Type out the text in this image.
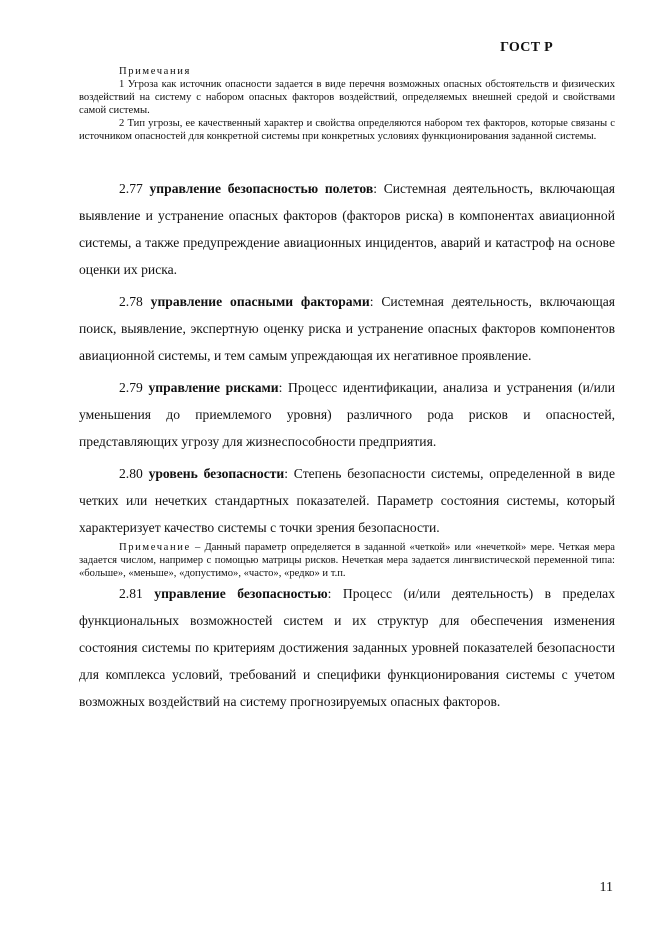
ГОСТ Р
Примечания

1 Угроза как источник опасности задается в виде перечня возможных опасных обстоятельств и физических воздействий на систему с набором опасных факторов воздействий, определяемых внешней средой и свойствами самой системы.

2 Тип угрозы, ее качественный характер и свойства определяются набором тех факторов, которые связаны с источником опасностей для конкретной системы при конкретных условиях функционирования заданной системы.

2.77 управление безопасностью полетов: Системная деятельность, включающая выявление и устранение опасных факторов (факторов риска) в компонентах авиационной системы, а также предупреждение авиационных инцидентов, аварий и катастроф на основе оценки их риска.

2.78 управление опасными факторами: Системная деятельность, включающая поиск, выявление, экспертную оценку риска и устранение опасных факторов компонентов авиационной системы, и тем самым упреждающая их негативное проявление.

2.79 управление рисками: Процесс идентификации, анализа и устранения (и/или уменьшения до приемлемого уровня) различного рода рисков и опасностей, представляющих угрозу для жизнеспособности предприятия.

2.80 уровень безопасности: Степень безопасности системы, определенной в виде четких или нечетких стандартных показателей. Параметр состояния системы, который характеризует качество системы с точки зрения безопасности.

Примечание – Данный параметр определяется в заданной «четкой» или «нечеткой» мере. Четкая мера задается числом, например с помощью матрицы рисков. Нечеткая мера задается лингвистической переменной типа: «больше», «меньше», «допустимо», «часто», «редко» и т.п.

2.81 управление безопасностью: Процесс (и/или деятельность) в пределах функциональных возможностей систем и их структур для обеспечения изменения состояния системы по критериям достижения заданных уровней показателей безопасности для комплекса условий, требований и специфики функционирования системы с учетом возможных воздействий на систему прогнозируемых опасных факторов.

11
